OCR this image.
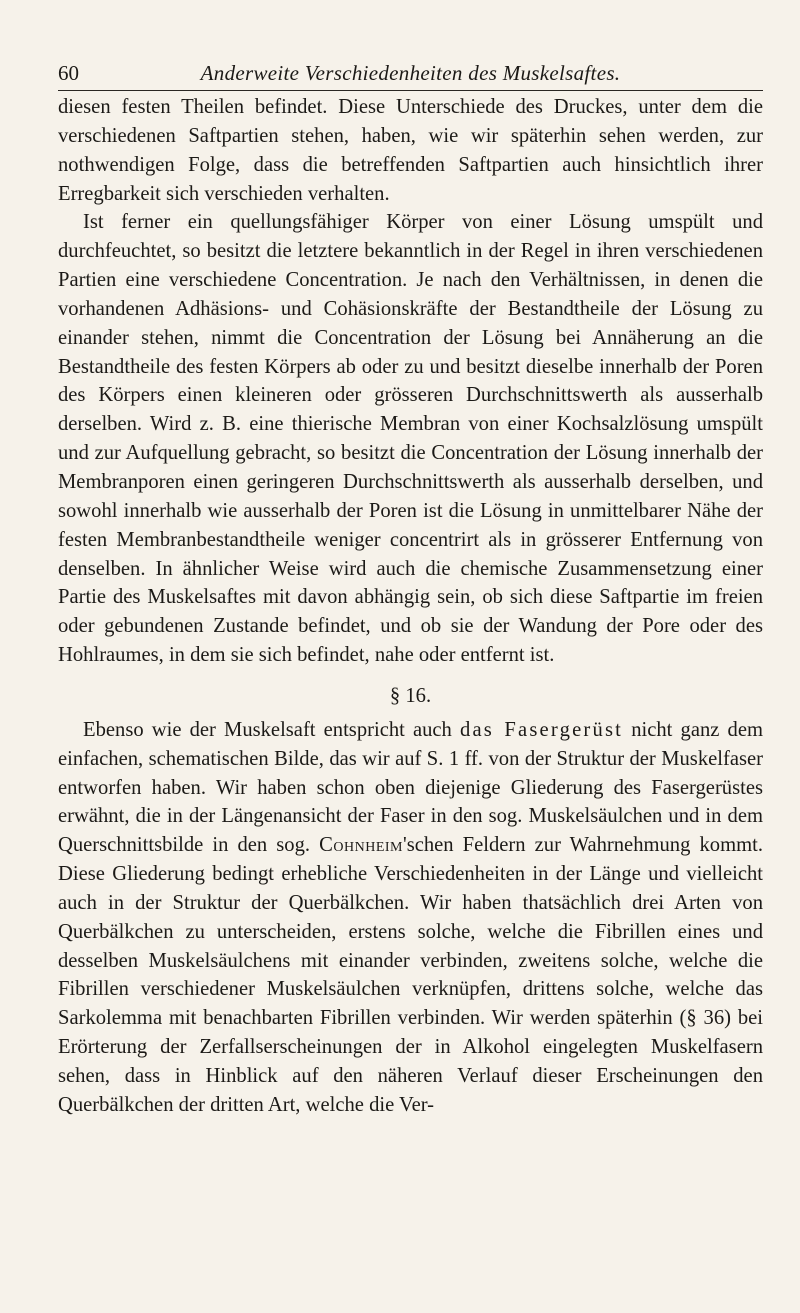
60	Anderweite Verschiedenheiten des Muskelsaftes.

diesen festen Theilen befindet. Diese Unterschiede des Druckes, unter dem die verschiedenen Saftpartien stehen, haben, wie wir späterhin sehen werden, zur nothwendigen Folge, dass die betreffenden Saftpartien auch hinsichtlich ihrer Erregbarkeit sich verschieden verhalten.

Ist ferner ein quellungsfähiger Körper von einer Lösung umspült und durchfeuchtet, so besitzt die letztere bekanntlich in der Regel in ihren verschiedenen Partien eine verschiedene Concentration. Je nach den Verhältnissen, in denen die vorhandenen Adhäsions- und Cohäsionskräfte der Bestandtheile der Lösung zu einander stehen, nimmt die Concentration der Lösung bei Annäherung an die Bestandtheile des festen Körpers ab oder zu und besitzt dieselbe innerhalb der Poren des Körpers einen kleineren oder grösseren Durchschnittswerth als ausserhalb derselben. Wird z. B. eine thierische Membran von einer Kochsalzlösung umspült und zur Aufquellung gebracht, so besitzt die Concentration der Lösung innerhalb der Membranporen einen geringeren Durchschnittswerth als ausserhalb derselben, und sowohl innerhalb wie ausserhalb der Poren ist die Lösung in unmittelbarer Nähe der festen Membranbestandtheile weniger concentrirt als in grösserer Entfernung von denselben. In ähnlicher Weise wird auch die chemische Zusammensetzung einer Partie des Muskelsaftes mit davon abhängig sein, ob sich diese Saftpartie im freien oder gebundenen Zustande befindet, und ob sie der Wandung der Pore oder des Hohlraumes, in dem sie sich befindet, nahe oder entfernt ist.

§ 16.

Ebenso wie der Muskelsaft entspricht auch das Fasergerüst nicht ganz dem einfachen, schematischen Bilde, das wir auf S. 1 ff. von der Struktur der Muskelfaser entworfen haben. Wir haben schon oben diejenige Gliederung des Fasergerüstes erwähnt, die in der Längenansicht der Faser in den sog. Muskelsäulchen und in dem Querschnittsbilde in den sog. Cohnheim'schen Feldern zur Wahrnehmung kommt. Diese Gliederung bedingt erhebliche Verschiedenheiten in der Länge und vielleicht auch in der Struktur der Querbälkchen. Wir haben thatsächlich drei Arten von Querbälkchen zu unterscheiden, erstens solche, welche die Fibrillen eines und desselben Muskelsäulchens mit einander verbinden, zweitens solche, welche die Fibrillen verschiedener Muskelsäulchen verknüpfen, drittens solche, welche das Sarkolemma mit benachbarten Fibrillen verbinden. Wir werden späterhin (§ 36) bei Erörterung der Zerfallserscheinungen der in Alkohol eingelegten Muskelfasern sehen, dass in Hinblick auf den näheren Verlauf dieser Erscheinungen den Querbälkchen der dritten Art, welche die Ver-
